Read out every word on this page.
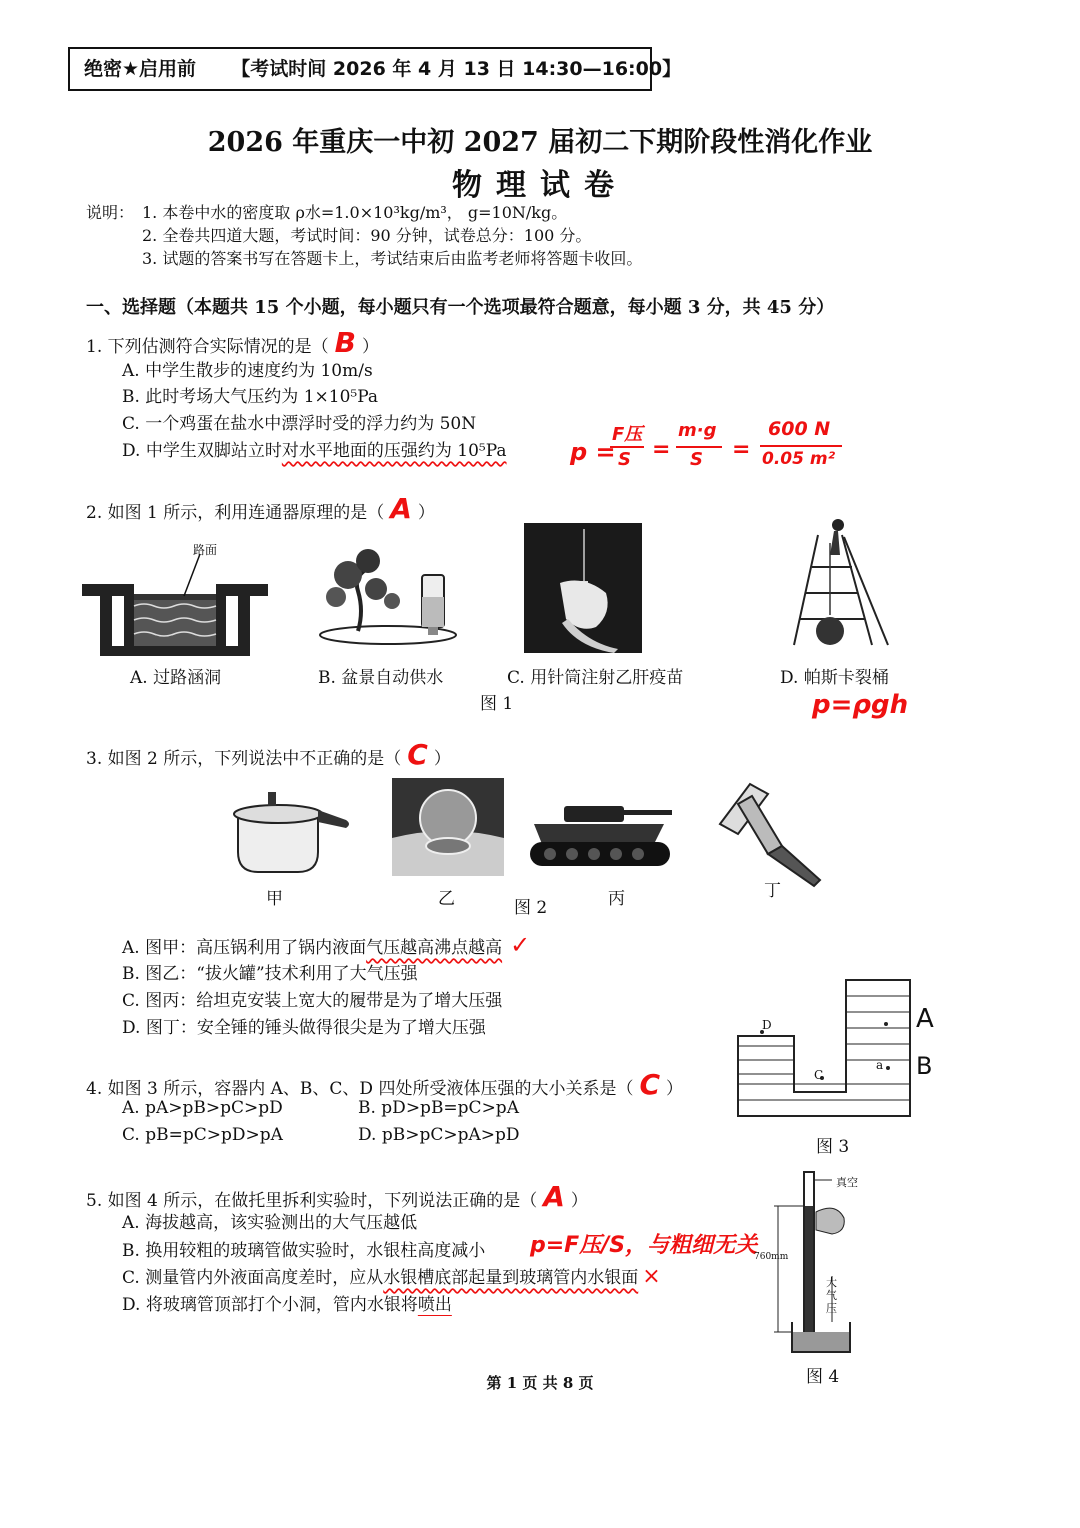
绝密★启用前 【考试时间 2026 年 4 月 13 日 14:30—16:00】
2026 年重庆一中初 2027 届初二下期阶段性消化作业
物理试卷
说明： 1. 本卷中水的密度取 ρ水=1.0×10³kg/m³， g=10N/kg。
2. 全卷共四道大题，考试时间：90 分钟，试卷总分：100 分。
3. 试题的答案书写在答题卡上，考试结束后由监考老师将答题卡收回。
一、选择题（本题共 15 个小题，每小题只有一个选项最符合题意，每小题 3 分，共 45 分）
1. 下列估测符合实际情况的是（ B ）
A. 中学生散步的速度约为 10m/s
B. 此时考场大气压约为 1×10⁵Pa
C. 一个鸡蛋在盐水中漂浮时受的浮力约为 50N
D. 中学生双脚站立时对水平地面的压强约为 10⁵Pa	p =
F压
S =
m·g
S =
600 N
0.05 m²
2. 如图 1 所示，利用连通器原理的是（ A ）
路面
A. 过路涵洞	B. 盆景自动供水	C. 用针筒注射乙肝疫苗	D. 帕斯卡裂桶
图 1	p=ρgh
3. 如图 2 所示，下列说法中不正确的是（ C ）
甲	乙	图 2	丙	丁
A. 图甲：高压锅利用了锅内液面气压越高沸点越高 ✓
B. 图乙：“拔火罐”技术利用了大气压强
C. 图丙：给坦克安装上宽大的履带是为了增大压强
D. 图丁：安全锤的锤头做得很尖是为了增大压强	D
C
a
A
B
图 3
4. 如图 3 所示，容器内 A、B、C、D 四处所受液体压强的大小关系是（ C ）
A. pA>pB>pC>pD	B. pD>pB=pC>pA
C. pB=pC>pD>pA	D. pB>pC>pA>pD
5. 如图 4 所示，在做托里拆利实验时，下列说法正确的是（ A ）
A. 海拔越高，该实验测出的大气压越低
B. 换用较粗的玻璃管做实验时，水银柱高度减小 p=F压/S，与粗细无关
C. 测量管内外液面高度差时，应从水银槽底部起量到玻璃管内水银面 ×
D. 将玻璃管顶部打个小洞，管内水银将喷出
真空
760mm
大气压
图 4
第 1 页 共 8 页
